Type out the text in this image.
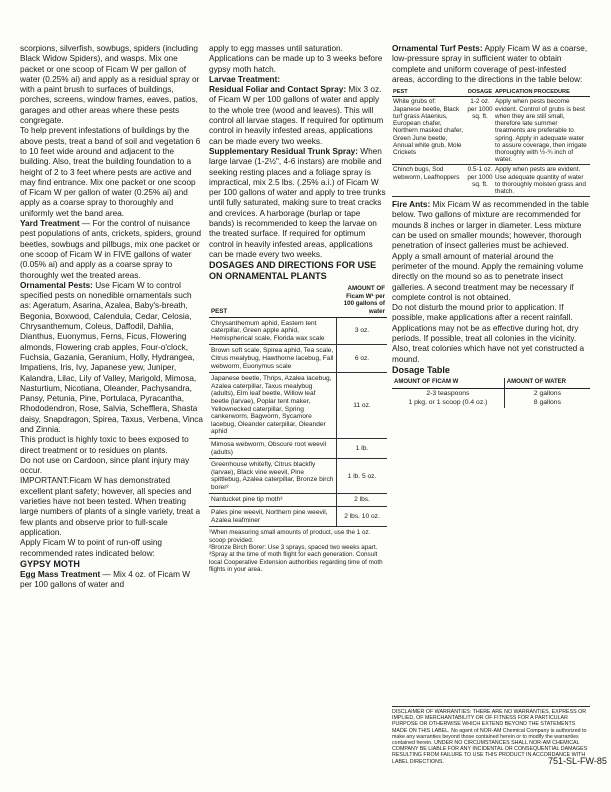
scorpions, silverfish, sowbugs, spiders (including Black Widow Spiders), and wasps. Mix one packet or one scoop of Ficam W per gallon of water (0.25% ai) and apply as a residual spray or with a paint brush to surfaces of buildings, porches, screens, window frames, eaves, patios, garages and other areas where these pests congregate.

To help prevent infestations of buildings by the above pests, treat a band of soil and vegetation 6 to 10 feet wide around and adjacent to the building. Also, treat the building foundation to a height of 2 to 3 feet where pests are active and may find entrance. Mix one packet or one scoop of Ficam W per gallon of water (0.25% ai) and apply as a coarse spray to thoroughly and uniformly wet the band area.

Yard Treatment — For the control of nuisance pest populations of ants, crickets, spiders, ground beetles, sowbugs and pillbugs, mix one packet or one scoop of Ficam W in FIVE gallons of water (0.05% ai) and apply as a coarse spray to thoroughly wet the treated areas.

Ornamental Pests: Use Ficam W to control specified pests on nonedible ornamentals such as: Ageratum, Asarina, Azalea, Baby's-breath, Begonia, Boxwood, Calendula, Cedar, Celosia, Chrysanthemum, Coleus, Daffodil, Dahlia, Dianthus, Euonymus, Ferns, Ficus, Flowering almonds, Flowering crab apples, Four-o'clock, Fuchsia, Gazania, Geranium, Holly, Hydrangea, Impatiens, Iris, Ivy, Japanese yew, Juniper, Kalandra, Lilac, Lily of Valley, Marigold, Mimosa, Nasturtium, Nicotiana, Oleander, Pachysandra, Pansy, Petunia, Pine, Portulaca, Pyracantha, Rhododendron, Rose, Salvia, Schefflera, Shasta daisy, Snapdragon, Spirea, Taxus, Verbena, Vinca and Zinnia.

This product is highly toxic to bees exposed to direct treatment or to residues on plants.

Do not use on Cardoon, since plant injury may occur.

IMPORTANT:Ficam W has demonstrated excellent plant safety; however, all species and varieties have not been tested. When treating large numbers of plants of a single variety, treat a few plants and observe prior to full-scale application.

Apply Ficam W to point of run-off using recommended rates indicated below:

GYPSY MOTH

Egg Mass Treatment — Mix 4 oz. of Ficam W per 100 gallons of water and

apply to egg masses until saturation. Applications can be made up to 3 weeks before gypsy moth hatch.

Larvae Treatment:

Residual Foliar and Contact Spray: Mix 3 oz. of Ficam W per 100 gallons of water and apply to the whole tree (wood and leaves). This will control all larvae stages. If required for optimum control in heavily infested areas, applications can be made every two weeks.

Supplementary Residual Trunk Spray: When large larvae (1-2½", 4-6 instars) are mobile and seeking resting places and a foliage spray is impractical, mix 2.5 lbs. (.25% a.i.) of Ficam W per 100 gallons of water and apply to tree trunks until fully saturated, making sure to treat cracks and crevices. A harborage (burlap or tape bands) is recommended to keep the larvae on the treated surface. If required for optimum control in heavily infested areas, applications can be made every two weeks.

DOSAGES AND DIRECTIONS FOR USE ON ORNAMENTAL PLANTS

PEST	AMOUNT OF Ficam W¹ per 100 gallons of water
Chrysanthemum aphid, Eastern tent caterpillar, Green apple aphid, Hemispherical scale, Florida wax scale	3 oz.
Brown soft scale, Spirea aphid, Tea scale, Citrus mealybug, Hawthorne lacebug, Fall webworm, Euonymus scale	6 oz.
Japanese beetle, Thrips, Azalea lacebug, Azalea caterpillar, Taxus mealybug (adults), Elm leaf beetle, Willow leaf beetle (larvae), Poplar tent maker, Yellownecked caterpillar, Spring cankerworm, Bagworm, Sycamore lacebug, Oleander caterpillar, Oleander aphid	11 oz.
Mimosa webworm, Obscure root weevil (adults)	1 lb.
Greenhouse whitefly, Citrus blackfly (larvae), Black vine weevil, Pine spittlebug, Azalea caterpillar, Bronze birch borer²	1 lb. 5 oz.
Nantucket pine tip moth³	2 lbs.
Pales pine weevil, Northern pine weevil, Azalea leafminer	2 lbs. 10 oz.

¹When measuring small amounts of product, use the 1 oz. scoop provided.

²Bronze Birch Borer: Use 3 sprays, spaced two weeks apart.

³Spray at the time of moth flight for each generation. Consult local Cooperative Extension authorities regarding time of moth flights in your area.

Ornamental Turf Pests: Apply Ficam W as a coarse, low-pressure spray in sufficient water to obtain complete and uniform coverage of pest-infested areas, according to the directions in the table below:

PEST	DOSAGE	APPLICATION PROCEDURE
White grubs of: Japanese beetle, Black turf grass Ataenius, European chafer, Northern masked chafer, Green June beetle, Annual white grub, Mole Crickets	1-2 oz. per 1000 sq. ft.	Apply when pests become evident. Control of grubs is best when they are still small, therefore late summer treatments are preferable to spring. Apply in adequate water to assure coverage, then irrigate thoroughly with ½-¾ inch of water.
Chinch bugs, Sod webworm, Leafhoppers	0.5-1 oz. per 1000 sq. ft.	Apply when pests are evident. Use adequate quantity of water to thoroughly moisten grass and thatch.

Fire Ants: Mix Ficam W as recommended in the table below. Two gallons of mixture are recommended for mounds 8 inches or larger in diameter. Less mixture can be used on smaller mounds; however, thorough penetration of insect galleries must be achieved. Apply a small amount of material around the perimeter of the mound. Apply the remaining volume directly on the mound so as to penetrate insect galleries. A second treatment may be necessary if complete control is not obtained.

Do not disturb the mound prior to application. If possible, make applications after a recent rainfall. Applications may not be as effective during hot, dry periods. If possible, treat all colonies in the vicinity. Also, treat colonies which have not yet constructed a mound.

Dosage Table

AMOUNT OF FICAM W	AMOUNT OF WATER
2-3 teaspoons	2 gallons
1 pkg. or 1 scoop (0.4 oz.)	8 gallons
DISCLAIMER OF WARRANTIES: THERE ARE NO WARRANTIES, EXPRESS OR IMPLIED, OF MERCHANTABILITY OR OF FITNESS FOR A PARTICULAR PURPOSE OR OTHERWISE WHICH EXTEND BEYOND THE STATEMENTS MADE ON THIS LABEL. No agent of NOR-AM Chemical Company is authorized to make any warranties beyond those contained herein or to modify the warranties contained herein. UNDER NO CIRCUMSTANCES SHALL NOR-AM CHEMICAL COMPANY BE LIABLE FOR ANY INCIDENTAL OR CONSEQUENTIAL DAMAGES RESULTING FROM FAILURE TO USE THIS PRODUCT IN ACCORDANCE WITH LABEL DIRECTIONS.	751-SL-FW-85
